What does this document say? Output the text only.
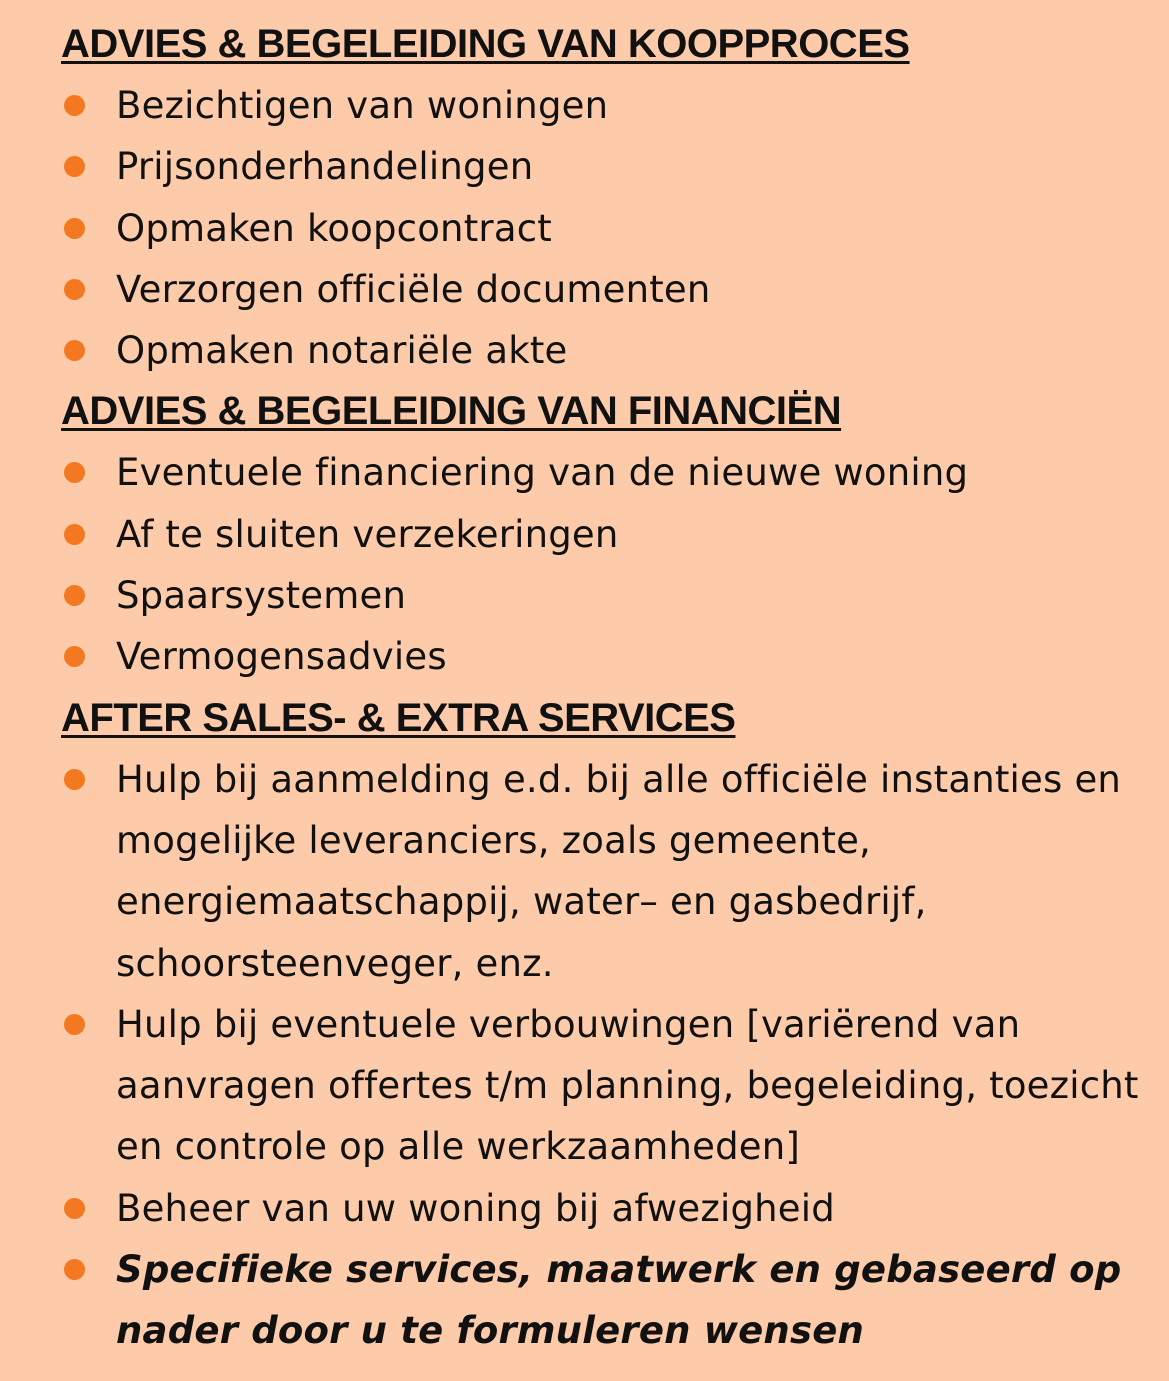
ADVIES & BEGELEIDING VAN KOOPPROCES
Bezichtigen van woningen
Prijsonderhandelingen
Opmaken koopcontract
Verzorgen officiële documenten
Opmaken notariële akte
ADVIES & BEGELEIDING VAN FINANCIËN
Eventuele financiering van de nieuwe woning
Af te sluiten verzekeringen
Spaarsystemen
Vermogensadvies
AFTER SALES- & EXTRA SERVICES
Hulp bij aanmelding e.d. bij alle officiële instanties en mogelijke leveranciers, zoals gemeente, energiemaatschappij, water– en gasbedrijf, schoorsteenveger, enz.
Hulp bij eventuele verbouwingen [variërend van aanvragen offertes t/m planning, begeleiding, toezicht en controle op alle werkzaamheden]
Beheer van uw woning bij afwezigheid
Specifieke services, maatwerk en gebaseerd op nader door u te formuleren wensen
